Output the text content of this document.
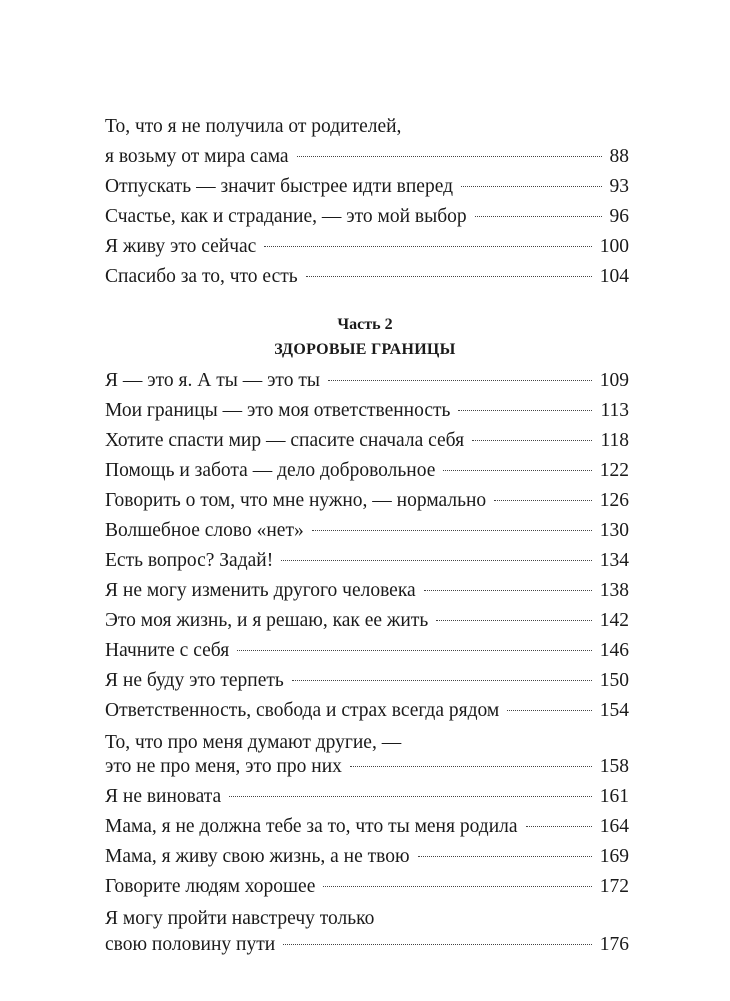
То, что я не получила от родителей,
я возьму от мира сама	88
Отпускать — значит быстрее идти вперед	93
Счастье, как и страдание, — это мой выбор	96
Я живу это сейчас	100
Спасибо за то, что есть	104
Часть 2
ЗДОРОВЫЕ ГРАНИЦЫ
Я — это я. А ты — это ты	109
Мои границы — это моя ответственность	113
Хотите спасти мир — спасите сначала себя	118
Помощь и забота — дело добровольное	122
Говорить о том, что мне нужно, — нормально	126
Волшебное слово «нет»	130
Есть вопрос? Задай!	134
Я не могу изменить другого человека	138
Это моя жизнь, и я решаю, как ее жить	142
Начните с себя	146
Я не буду это терпеть	150
Ответственность, свобода и страх всегда рядом	154
То, что про меня думают другие, —
это не про меня, это про них	158
Я не виновата	161
Мама, я не должна тебе за то, что ты меня родила	164
Мама, я живу свою жизнь, а не твою	169
Говорите людям хорошее	172
Я могу пройти навстречу только
свою половину пути	176
